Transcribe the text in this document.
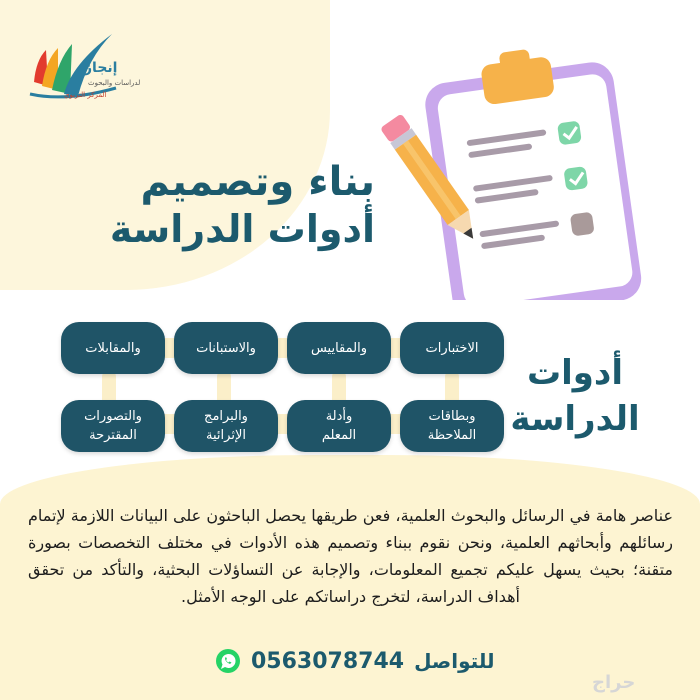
إنجاز
لدراسات والبحوث
المركز التربوي
بناء وتصميم
أدوات الدراسة
الاختبارات
والمقاييس
والاستبانات
والمقابلات
وبطاقات
الملاحظة
وأدلة
المعلم
والبرامج
الإثرائية
والتصورات
المقترحة
أدوات
الدراسة
عناصر هامة في الرسائل والبحوث العلمية، فعن طريقها يحصل الباحثون على البيانات اللازمة لإتمام رسائلهم وأبحاثهم العلمية، ونحن نقوم ببناء وتصميم هذه الأدوات في مختلف التخصصات بصورة متقنة؛ بحيث يسهل عليكم تجميع المعلومات، والإجابة عن التساؤلات البحثية، والتأكد من تحقق أهداف الدراسة، لتخرج دراساتكم على الوجه الأمثل.
0563078744 للتواصل
حراج
